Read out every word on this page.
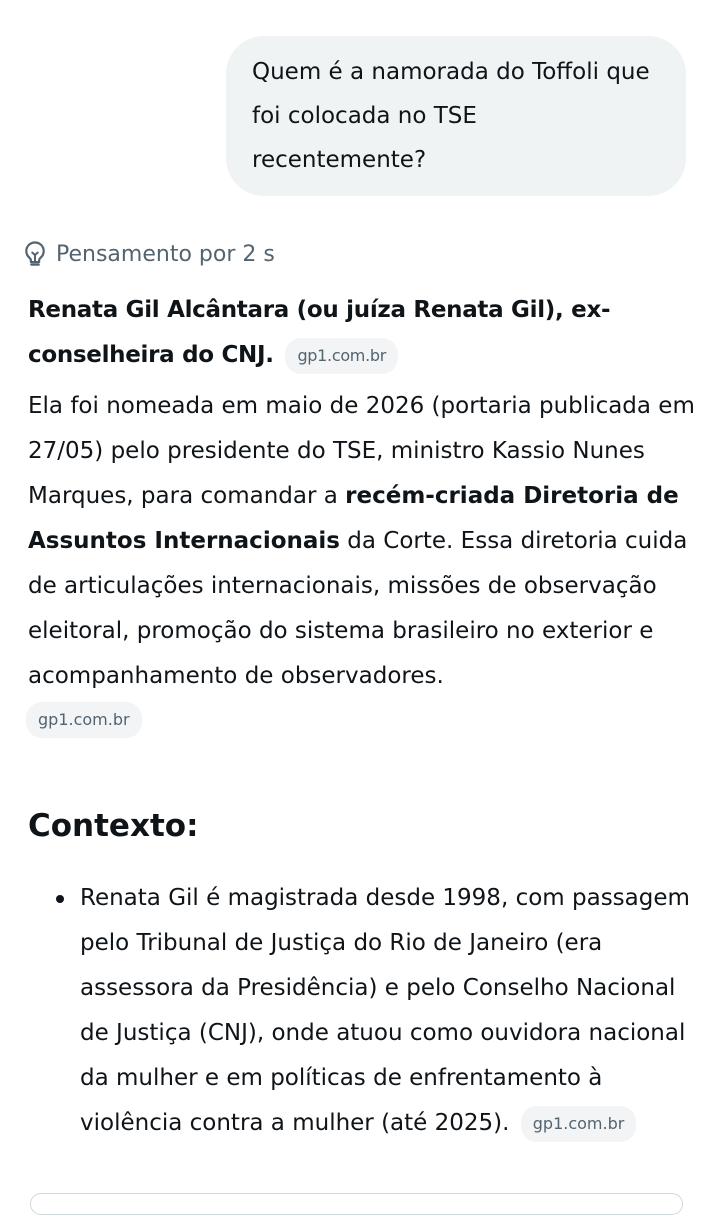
Quem é a namorada do Toffoli que
foi colocada no TSE
recentemente?
Pensamento por 2 s
Renata Gil Alcântara (ou juíza Renata Gil), ex-conselheira do CNJ. gp1.com.br
Ela foi nomeada em maio de 2026 (portaria publicada em 27/05) pelo presidente do TSE, ministro Kassio Nunes Marques, para comandar a recém-criada Diretoria de Assuntos Internacionais da Corte. Essa diretoria cuida de articulações internacionais, missões de observação eleitoral, promoção do sistema brasileiro no exterior e acompanhamento de observadores.
gp1.com.br
Contexto:
Renata Gil é magistrada desde 1998, com passagem pelo Tribunal de Justiça do Rio de Janeiro (era assessora da Presidência) e pelo Conselho Nacional de Justiça (CNJ), onde atuou como ouvidora nacional da mulher e em políticas de enfrentamento à violência contra a mulher (até 2025). gp1.com.br
